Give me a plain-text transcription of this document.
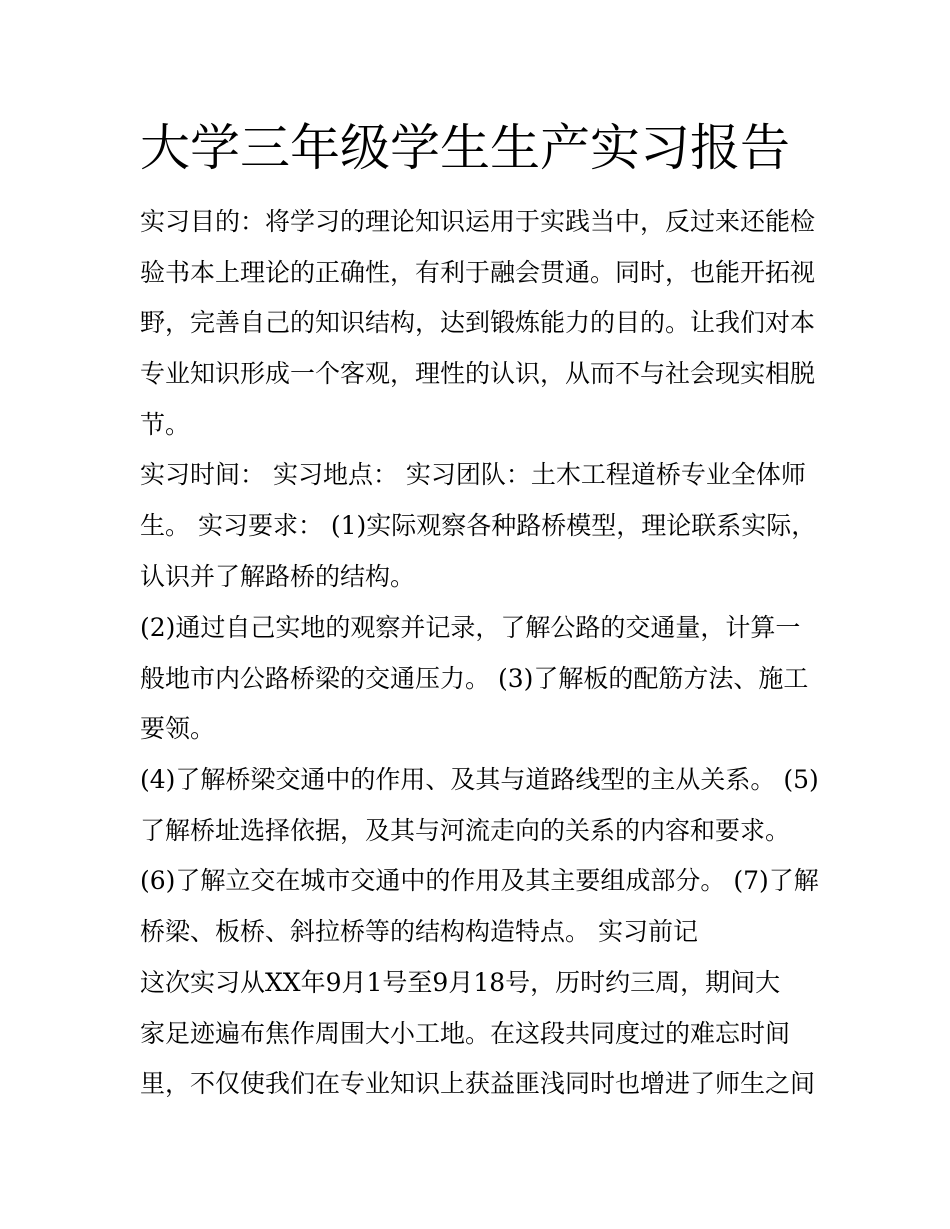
大学三年级学生生产实习报告
实习目的：将学习的理论知识运用于实践当中，反过来还能检
验书本上理论的正确性，有利于融会贯通。同时，也能开拓视
野，完善自己的知识结构，达到锻炼能力的目的。让我们对本
专业知识形成一个客观，理性的认识，从而不与社会现实相脱
节。
实习时间： 实习地点： 实习团队：土木工程道桥专业全体师
生。 实习要求： (1)实际观察各种路桥模型，理论联系实际，
认识并了解路桥的结构。
(2)通过自己实地的观察并记录，了解公路的交通量，计算一
般地市内公路桥梁的交通压力。 (3)了解板的配筋方法、施工
要领。
(4)了解桥梁交通中的作用、及其与道路线型的主从关系。 (5)
了解桥址选择依据，及其与河流走向的关系的内容和要求。
(6)了解立交在城市交通中的作用及其主要组成部分。 (7)了解
桥梁、板桥、斜拉桥等的结构构造特点。 实习前记
这次实习从XX年9月1号至9月18号，历时约三周，期间大
家足迹遍布焦作周围大小工地。在这段共同度过的难忘时间
里，不仅使我们在专业知识上获益匪浅同时也增进了师生之间
